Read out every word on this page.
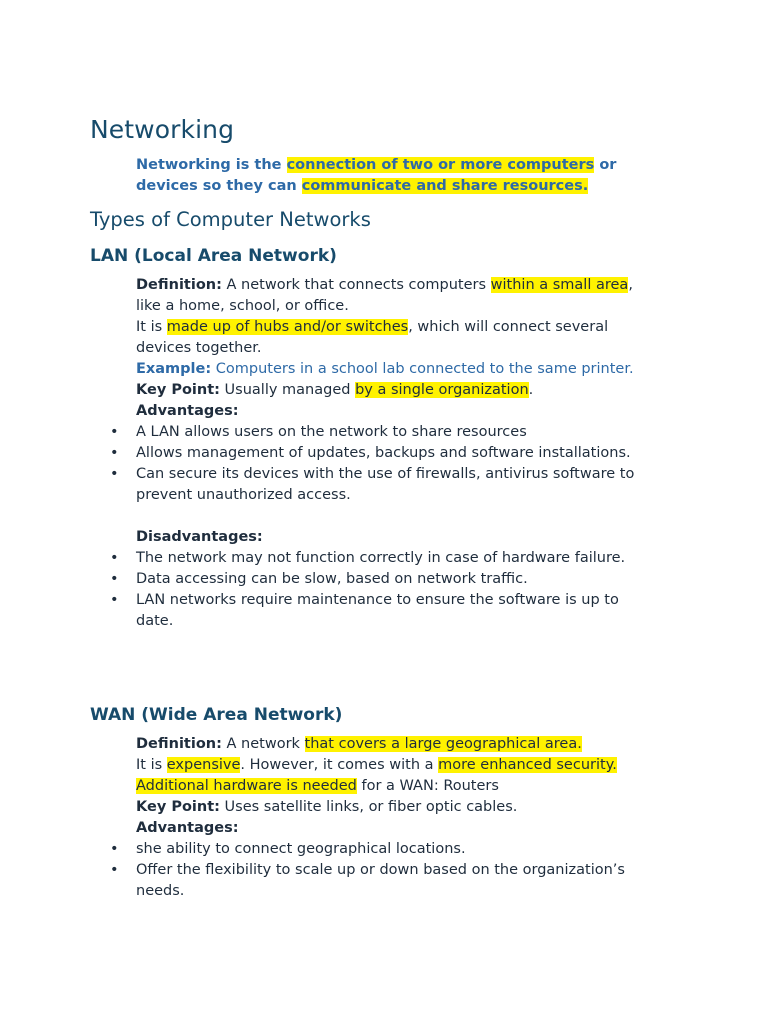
Networking
Networking is the connection of two or more computers or
devices so they can communicate and share resources.
Types of Computer Networks
LAN (Local Area Network)
Definition: A network that connects computers within a small area,
like a home, school, or office.
It is made up of hubs and/or switches, which will connect several
devices together.
Example: Computers in a school lab connected to the same printer.
Key Point: Usually managed by a single organization.
Advantages:
• A LAN allows users on the network to share resources
• Allows management of updates, backups and software installations.
• Can secure its devices with the use of firewalls, antivirus software to
prevent unauthorized access.
Disadvantages:
• The network may not function correctly in case of hardware failure.
• Data accessing can be slow, based on network traffic.
• LAN networks require maintenance to ensure the software is up to
date.
WAN (Wide Area Network)
Definition: A network that covers a large geographical area.
It is expensive. However, it comes with a more enhanced security.
Additional hardware is needed for a WAN: Routers
Key Point: Uses satellite links, or fiber optic cables.
Advantages:
• she ability to connect geographical locations.
• Offer the flexibility to scale up or down based on the organization’s
needs.
